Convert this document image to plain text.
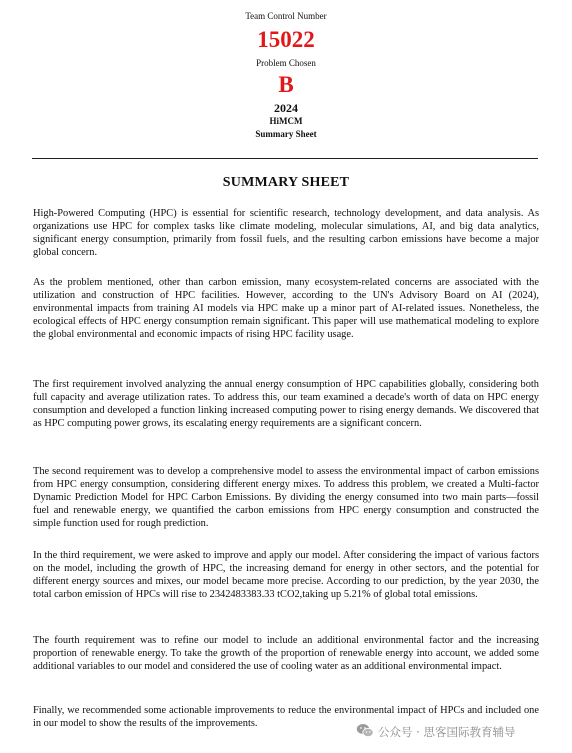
Team Control Number
15022
Problem Chosen
B
2024
HiMCM
Summary Sheet
SUMMARY SHEET

High-Powered Computing (HPC) is essential for scientific research, technology development, and data analysis. As organizations use HPC for complex tasks like climate modeling, molecular simulations, AI, and big data analytics, significant energy consumption, primarily from fossil fuels, and the resulting carbon emissions have become a major global concern.

As the problem mentioned, other than carbon emission, many ecosystem-related concerns are associated with the utilization and construction of HPC facilities. However, according to the UN's Advisory Board on AI (2024), environmental impacts from training AI models via HPC make up a minor part of AI-related issues. Nonetheless, the ecological effects of HPC energy consumption remain significant. This paper will use mathematical modeling to explore the global environmental and economic impacts of rising HPC facility usage.

The first requirement involved analyzing the annual energy consumption of HPC capabilities globally, considering both full capacity and average utilization rates. To address this, our team examined a decade's worth of data on HPC energy consumption and developed a function linking increased computing power to rising energy demands. We discovered that as HPC computing power grows, its escalating energy requirements are a significant concern.

The second requirement was to develop a comprehensive model to assess the environmental impact of carbon emissions from HPC energy consumption, considering different energy mixes. To address this problem, we created a Multi-factor Dynamic Prediction Model for HPC Carbon Emissions. By dividing the energy consumed into two main parts—fossil fuel and renewable energy, we quantified the carbon emissions from HPC energy consumption and constructed the simple function used for rough prediction.

In the third requirement, we were asked to improve and apply our model. After considering the impact of various factors on the model, including the growth of HPC, the increasing demand for energy in other sectors, and the potential for different energy sources and mixes, our model became more precise. According to our prediction, by the year 2030, the total carbon emission of HPCs will rise to 2342483383.33 tCO2,taking up 5.21% of global total emissions.

The fourth requirement was to refine our model to include an additional environmental factor and the increasing proportion of renewable energy. To take the growth of the proportion of renewable energy into account, we added some additional variables to our model and considered the use of cooling water as an additional environmental impact.

Finally, we recommended some actionable improvements to reduce the environmental impact of HPCs and included one in our model to show the results of the improvements.

公众号 · 思客国际教育辅导
